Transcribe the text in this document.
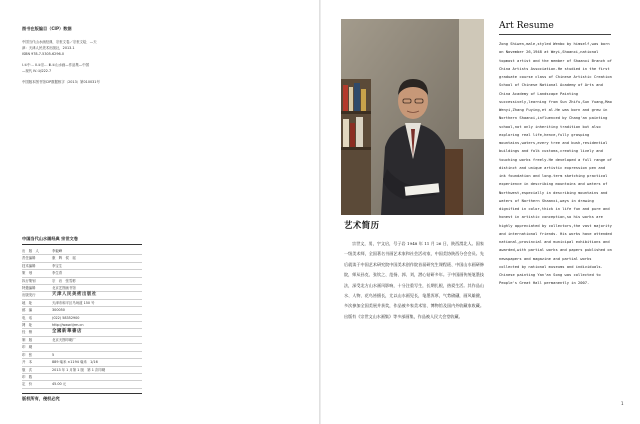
图书在版编目（CIP）数据
中国当代山水画经典．宗世文卷／宗世文绘．—天
津：天津人民美术出版社，2013.1
ISBN 978-7-5305-6296-0
Ⅰ.①中… Ⅱ.①宗… Ⅲ.①山水画—作品集—中国
—现代 Ⅳ.①J222.7
中国版本图书馆CIP数据核字（2013）第010031号
中国当代山水画经典 宗世文卷
出　版　人	李毅峰
责任编辑	康　辉　侯　瑶
技术编辑	李宝生
策　划	李生青
执行策划	宗　岩　张雪彬
特邀编辑	北京艺图画书馆
出版发行	天津人民美術出版社
地　址	天津市和平区马场道 150 号
邮　编	300050
电　话	(022) 58352900
网　址	http://www.tjrm.cn
经　销	全國新華書店
制　版	北京天图印刷厂
印　刷
印　张	5
开　本	889 毫米 ×1194 毫米　1/16
版　次	2013 年 1 月第 1 版　第 1 次印刷
印　数
定　价	45.00 元
版权所有，侵权必究
艺术简历
宗世文，男，字文启，号子岩 1948 年 11 月 26 日，陕西渭北人。国家一级美术师，全国著名书画艺术家和社会活动家，中国美协陕西分会会员。先后就读于中国艺术研究院中国美术创作院首届研究生课程班、中国山水画研修院，师从孙克、张钦之、范扬、郭、刘，潜心钻研多年。于中国画传统笔墨技法，深受北方山水画风影响，十分注重写生，长期扎根，热爱生活。其作品山水、人物、花鸟皆擅长，尤以山水画见长，笔墨浑厚，气势磅礴，画风雄健，多次参加全国美展并获奖，作品被多家美术馆、博物馆及国内外收藏家收藏。出版有《宗世文山水画集》等多部画集，作品被人民大会堂收藏。
Art Resume
Zong Shiwen,male,styled Wenbo by himself,was born on November 26,1948 at Weyi,Shaanxi,national topmost artist and the member of Shaanxi Branch of China Artists Association.He studied in the first graduate course class of Chinese Artistic Creation School of Chinese National Academy of Arts and China Academy of Landscape Painting successively,learning from Sun Zhifu,Sun Yuang,Mao Wenyi,Zhang Fuying,et al.He was born and grew in Northern Shaanxi,influenced by Chang'an painting school,not only inheriting tradition but also exploring real life,hence,fully grasping mountains,waters,every tree and bush,residential buildings and folk customs,creating lively and touching works freely.He developed a full range of distinct and unique artistic expression pen and ink foundation and long-term sketching practical experience in describing mountains and waters of Northwest,especially in describing mountains and waters of Northern Shaanxi,ways in drawing dignified in color,thick in life fun and pure and honest in artistic conception,so his works are highly appreciated by collectors,the vast majority and international friends. His works have attended national,provincial and municipal exhibitions and awarded,with partial works and papers published on newspapers and magazine and partial works collected by national museums and individuals. Chinese painting Yan'an Song was collected to People's Great Hall permanently in 2007.
1
